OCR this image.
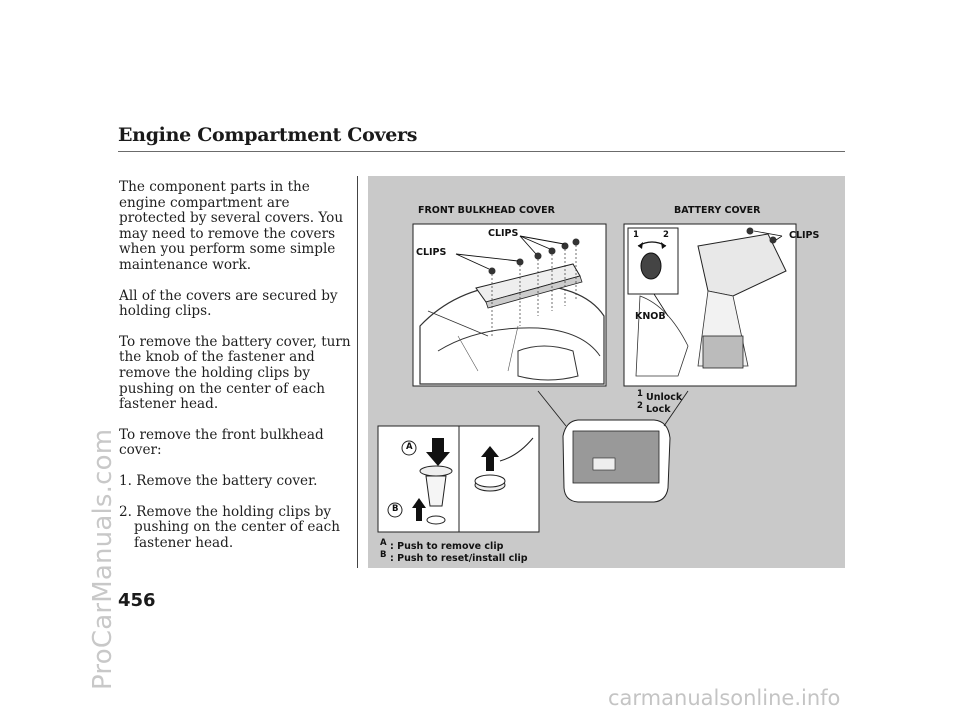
Engine Compartment Covers

The component parts in the engine compartment are protected by several covers. You may need to remove the covers when you perform some simple maintenance work.

All of the covers are secured by holding clips.

To remove the battery cover, turn the knob of the fastener and remove the holding clips by pushing on the center of each fastener head.

To remove the front bulkhead cover:

1. Remove the battery cover.
2. Remove the holding clips by pushing on the center of each fastener head.
FRONT BULKHEAD COVER	BATTERY COVER
CLIPS
CLIPS
CLIPS
KNOB
1	2
1 Unlock
2 Lock
A
B
A : Push to remove clip
B : Push to reset/install clip
456
ProCarManuals.com
carmanualsonline.info
